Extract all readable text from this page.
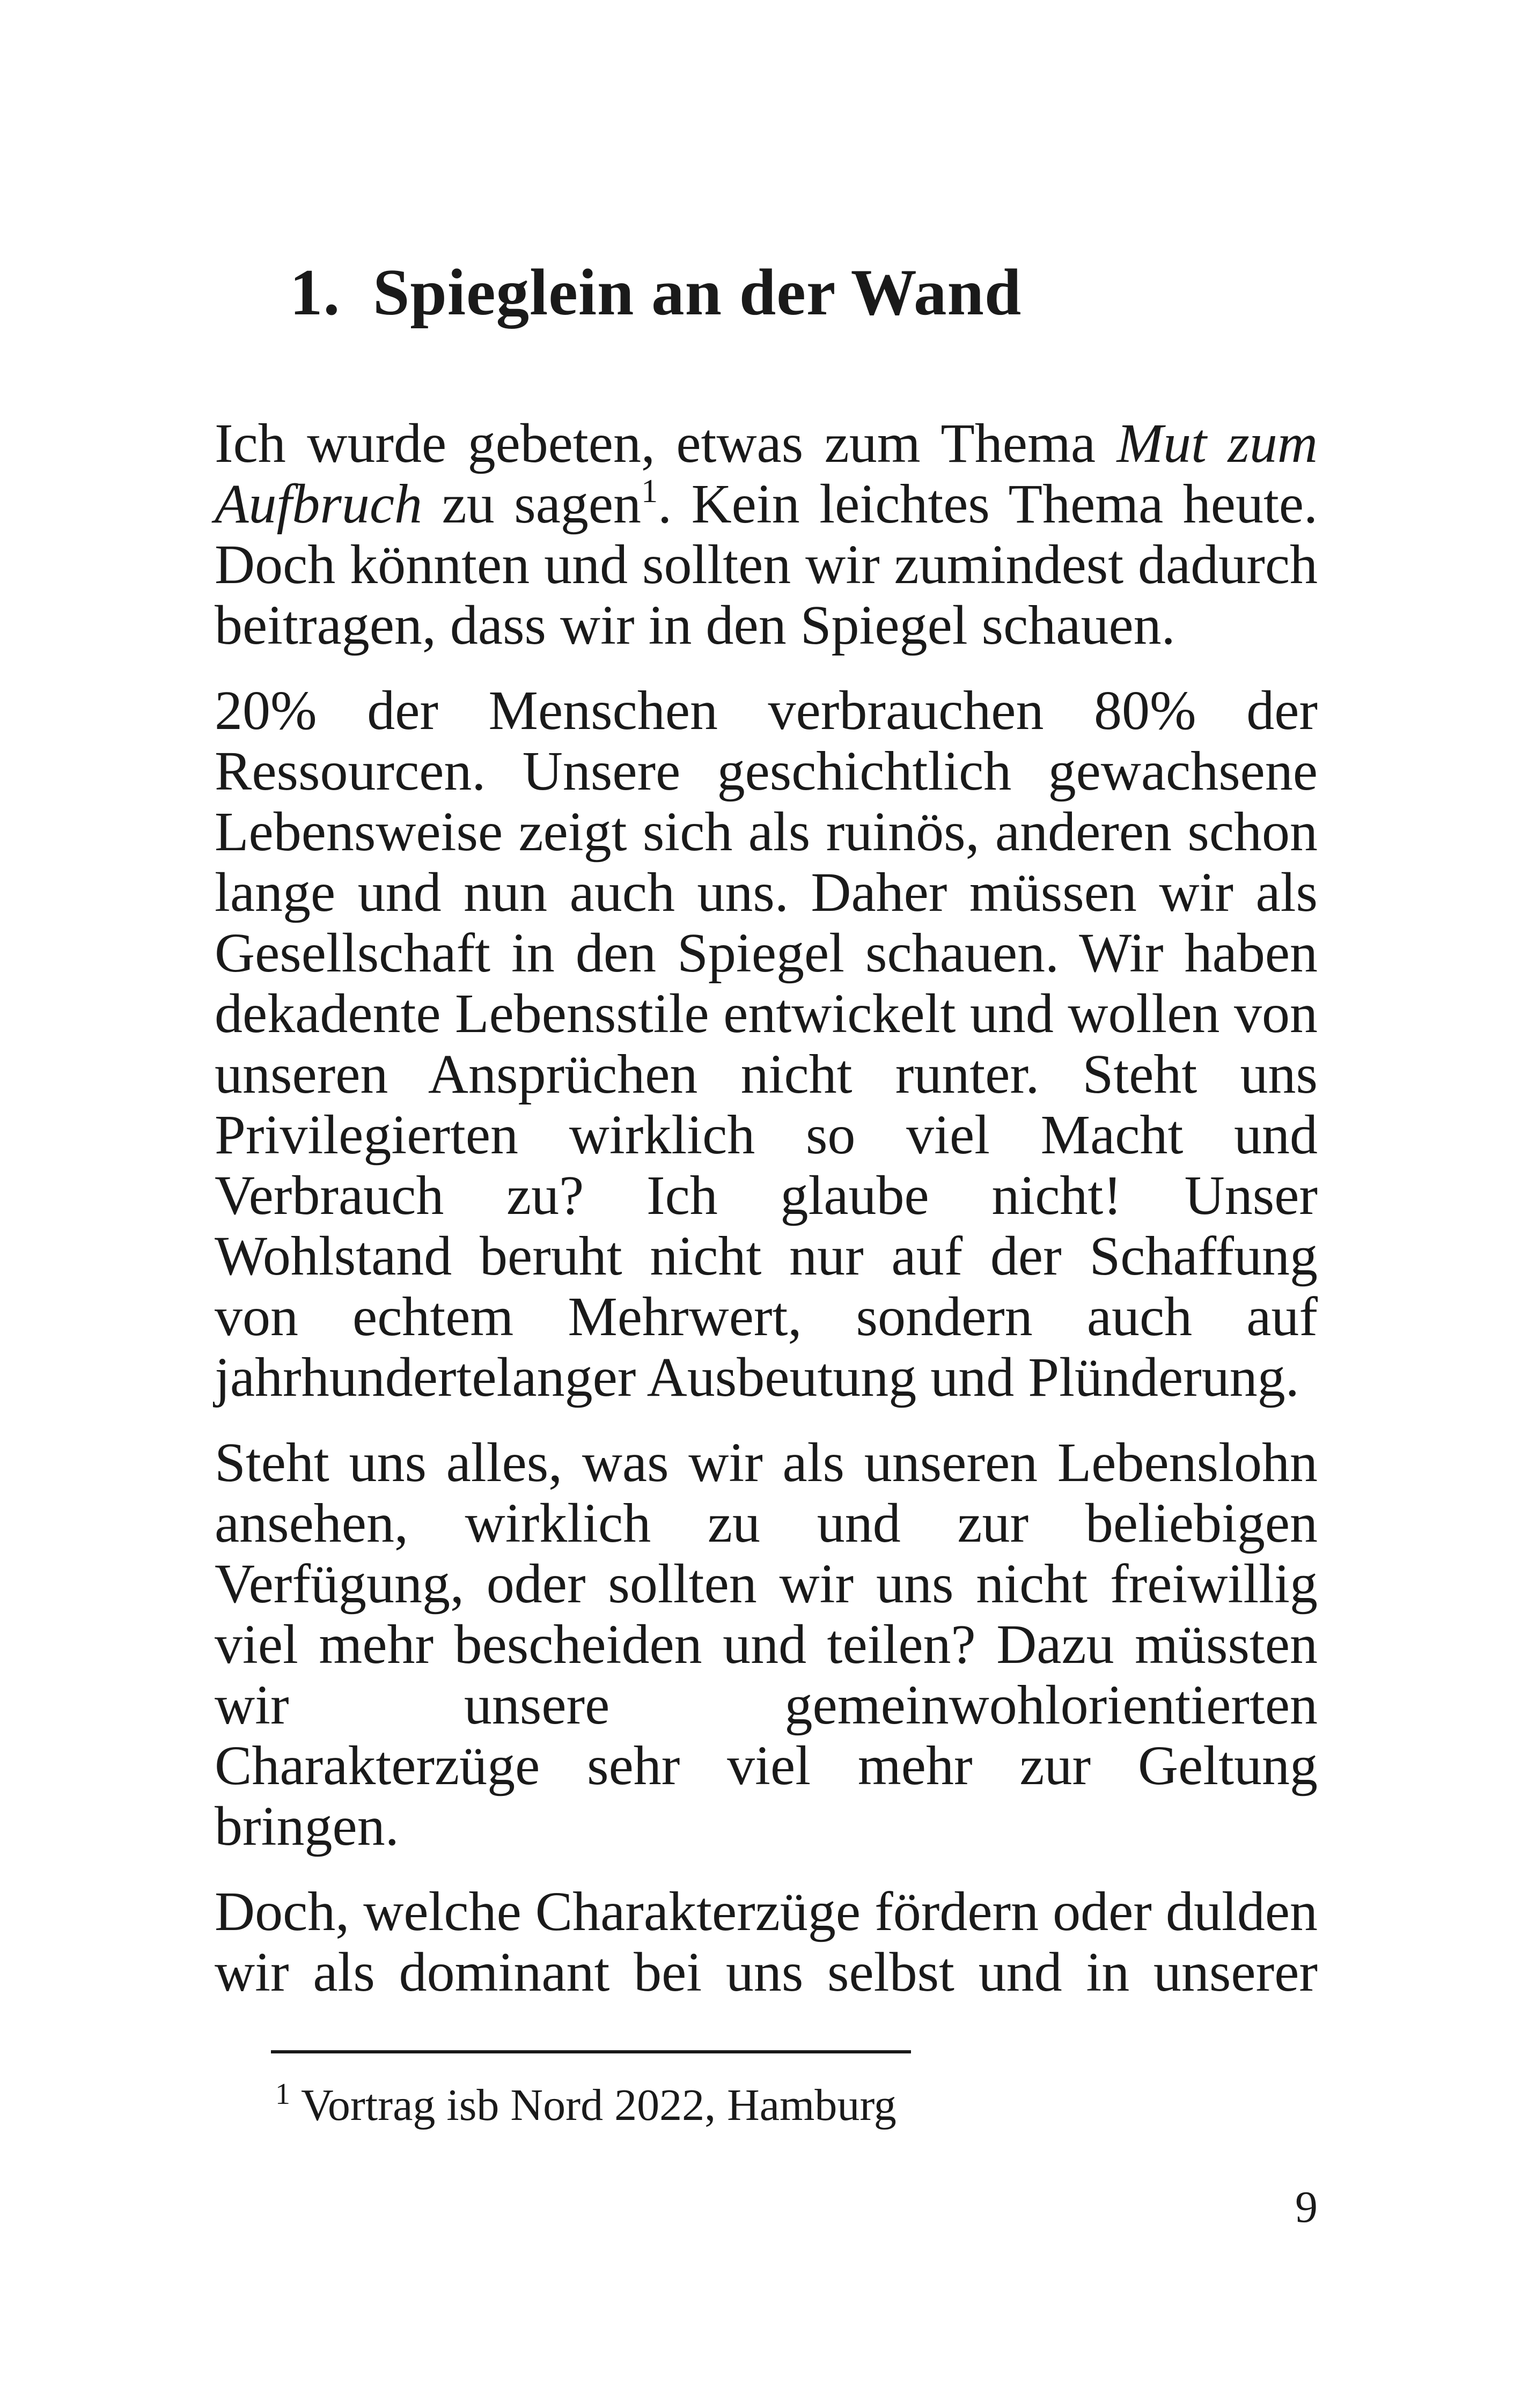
1. Spieglein an der Wand

Ich wurde gebeten, etwas zum Thema Mut zum Aufbruch zu sagen$^1$. Kein leichtes Thema heute. Doch könnten und sollten wir zumindest dadurch beitragen, dass wir in den Spiegel schauen.

20% der Menschen verbrauchen 80% der Ressourcen. Unsere geschichtlich gewachsene Lebensweise zeigt sich als ruinös, anderen schon lange und nun auch uns. Daher müssen wir als Gesellschaft in den Spiegel schauen. Wir haben dekadente Lebensstile entwickelt und wollen von unseren Ansprüchen nicht runter. Steht uns Privilegierten wirklich so viel Macht und Verbrauch zu? Ich glaube nicht! Unser Wohlstand beruht nicht nur auf der Schaffung von echtem Mehrwert, sondern auch auf jahrhundertelanger Ausbeutung und Plünderung.

Steht uns alles, was wir als unseren Lebenslohn ansehen, wirklich zu und zur beliebigen Verfügung, oder sollten wir uns nicht freiwillig viel mehr bescheiden und teilen? Dazu müssten wir unsere gemeinwohlorientierten Charakterzüge sehr viel mehr zur Geltung bringen.

Doch, welche Charakterzüge fördern oder dulden wir als dominant bei uns selbst und in unserer

$^1$ Vortrag isb Nord 2022, Hamburg
9
